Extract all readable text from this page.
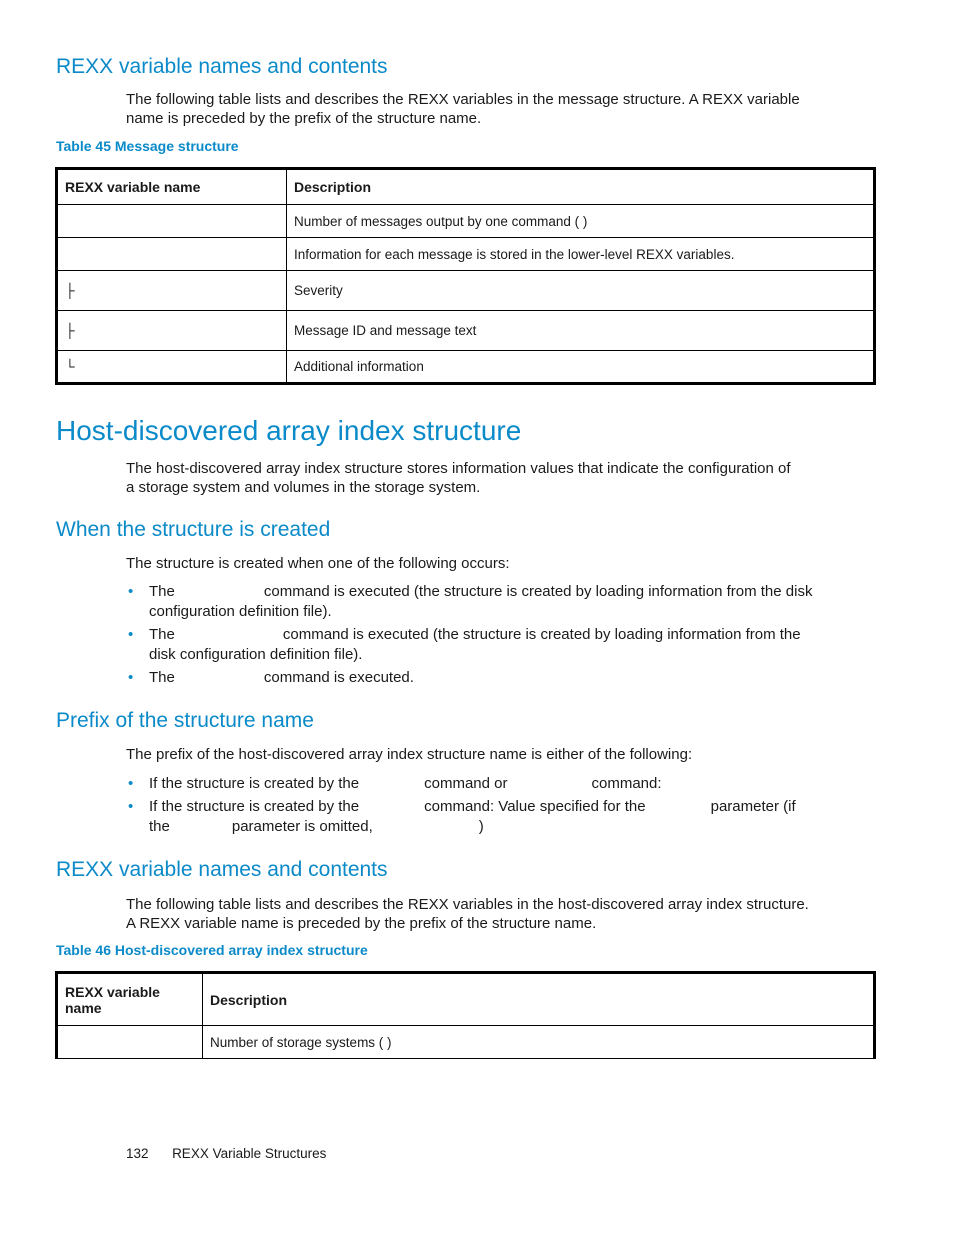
REXX variable names and contents

The following table lists and describes the REXX variables in the message structure. A REXX variable

name is preceded by the prefix of the structure name.

Table 45 Message structure

REXX variable name	Description
	Number of messages output by one command ( )
	Information for each message is stored in the lower-level REXX variables.
├	Severity
├	Message ID and message text
└	Additional information
Host-discovered array index structure

The host-discovered array index structure stores information values that indicate the configuration of

a storage system and volumes in the storage system.

When the structure is created

The structure is created when one of the following occurs:

• The	command is executed (the structure is created by loading information from the disk
configuration definition file).
• The	command is executed (the structure is created by loading information from the
disk configuration definition file).
• The	command is executed.
Prefix of the structure name

The prefix of the host-discovered array index structure name is either of the following:

• If the structure is created by the	command or	command:
• If the structure is created by the	command: Value specified for the	parameter (if
the	parameter is omitted,	)
REXX variable names and contents

The following table lists and describes the REXX variables in the host-discovered array index structure.

A REXX variable name is preceded by the prefix of the structure name.

Table 46 Host-discovered array index structure

REXX variable
name	Description
	Number of storage systems ( )
132 REXX Variable Structures
